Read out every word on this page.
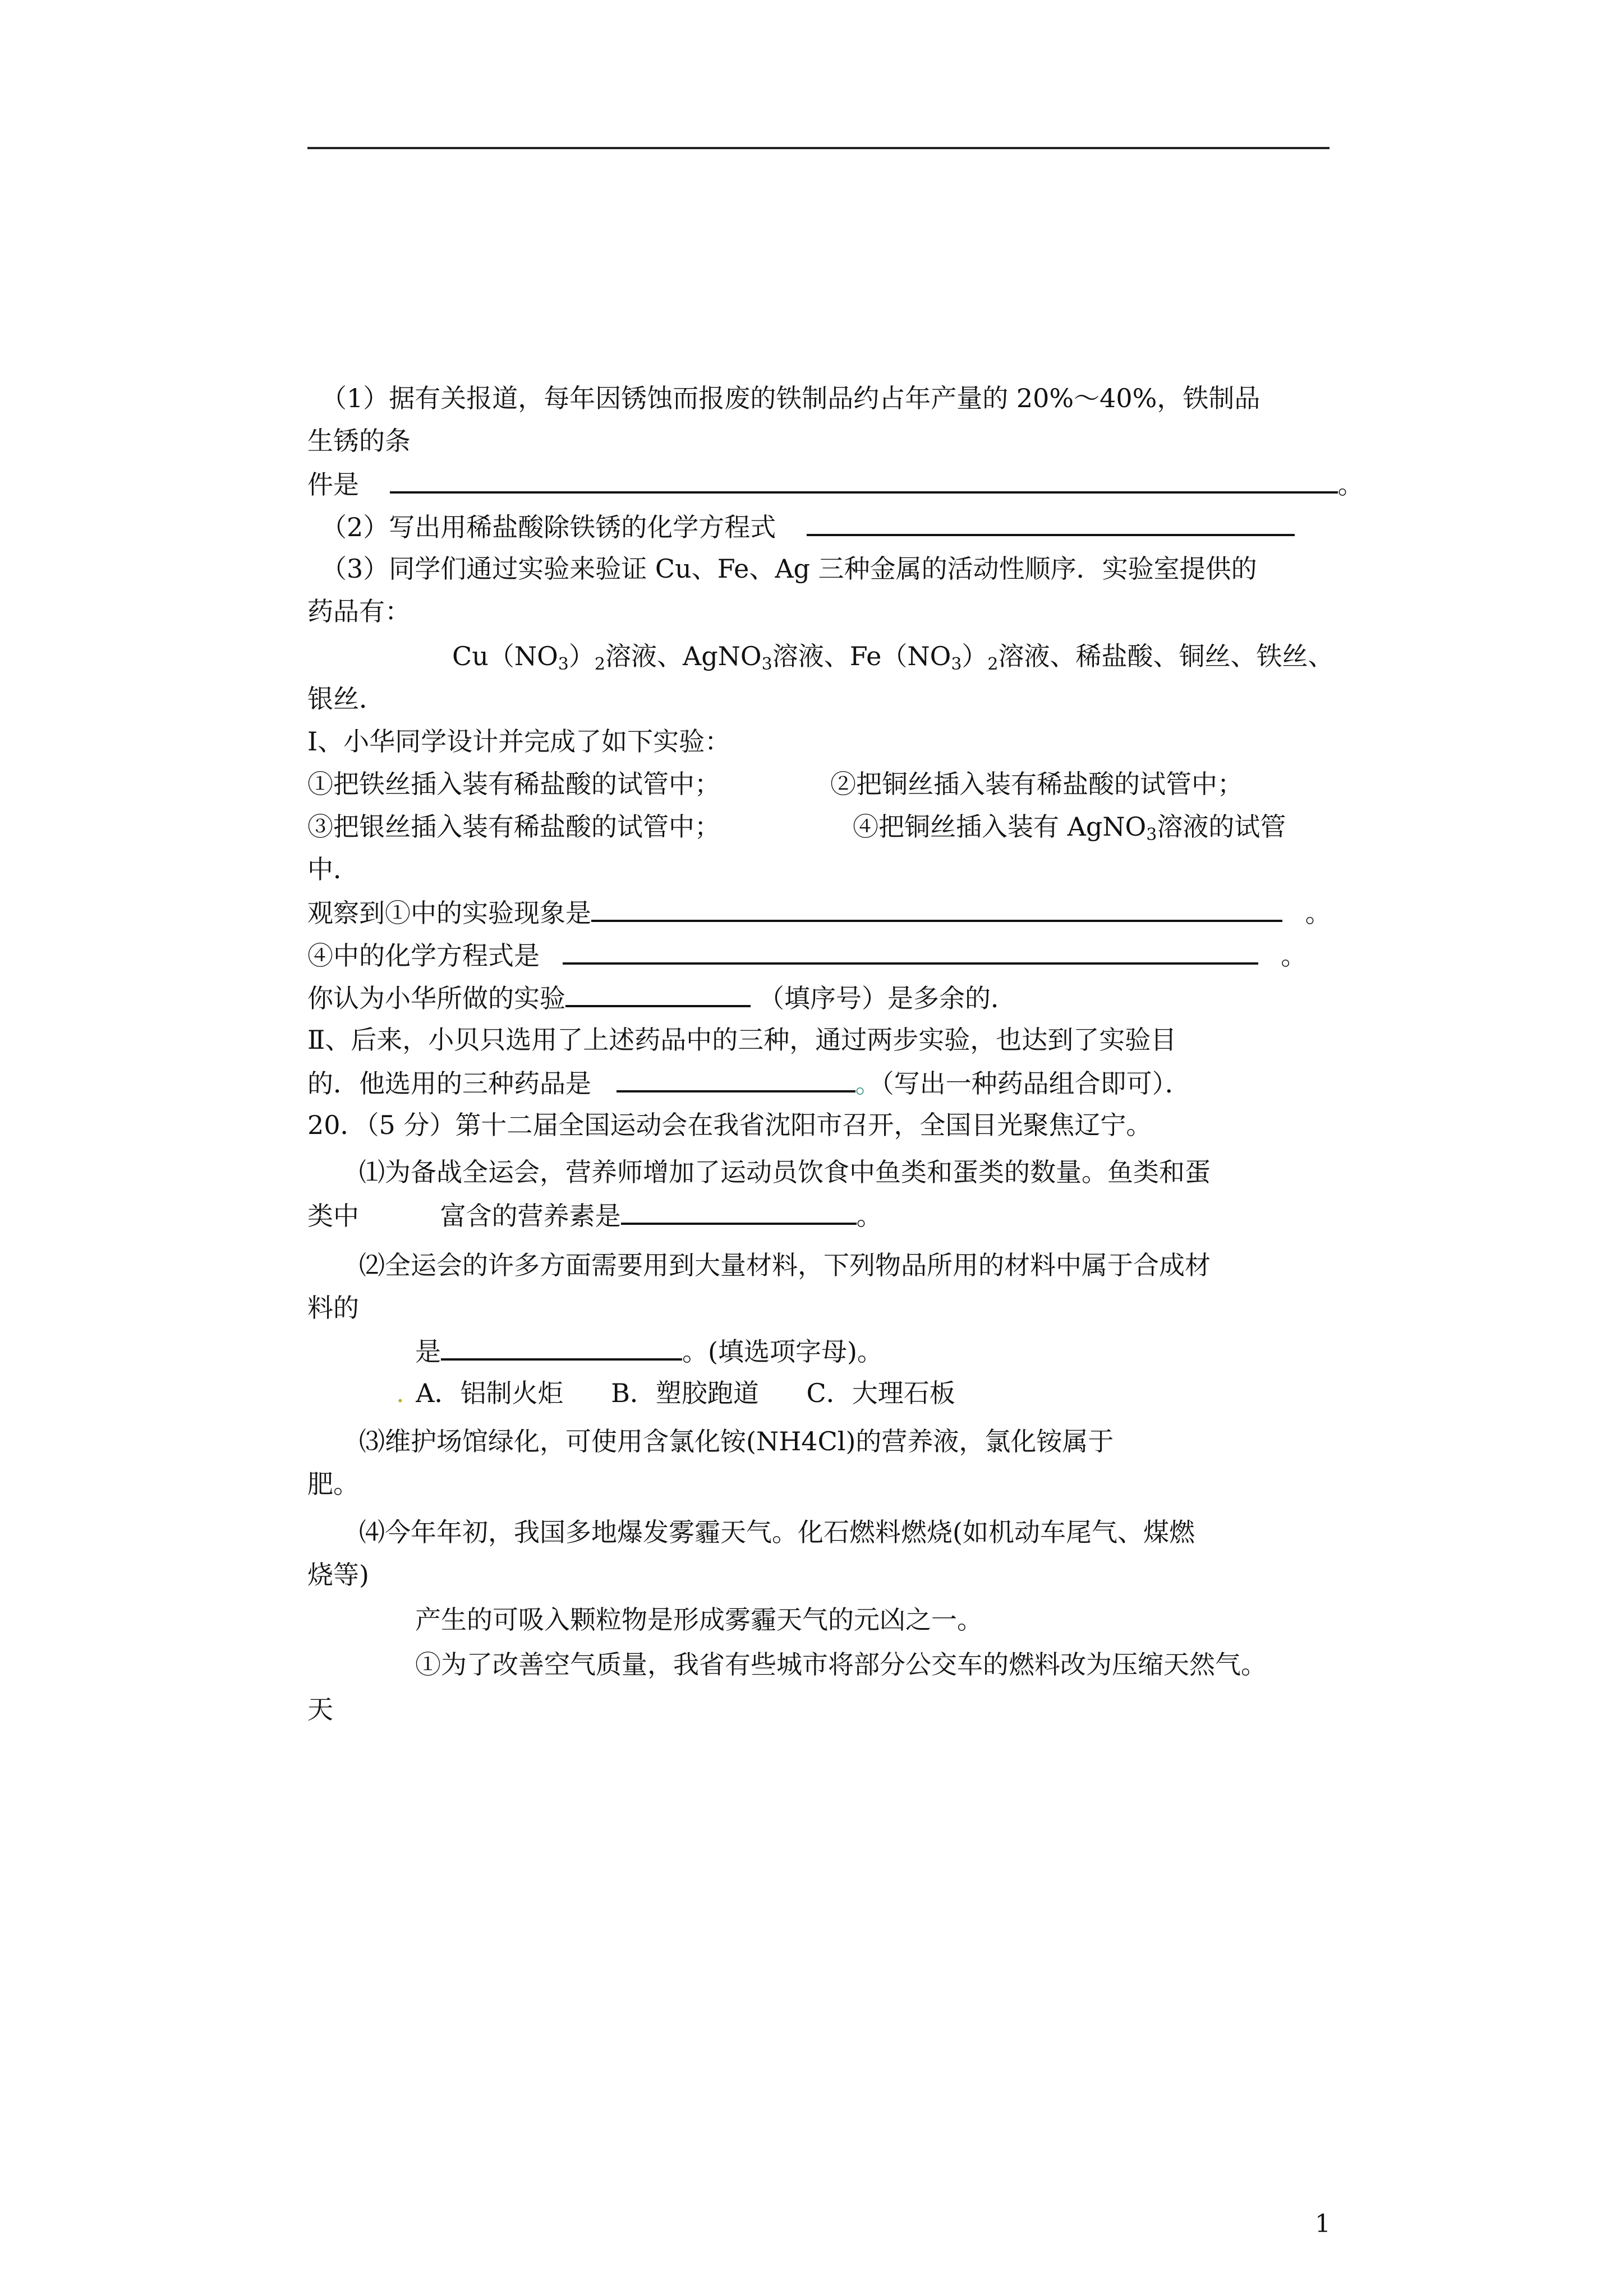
（1）据有关报道，每年因锈蚀而报废的铁制品约占年产量的 20%～40%，铁制品
生锈的条
件是	。
（2）写出用稀盐酸除铁锈的化学方程式
（3）同学们通过实验来验证 Cu、Fe、Ag 三种金属的活动性顺序．实验室提供的
药品有：
$Cu(NO_3)_2$溶液、AgNO$_3$溶液、$Fe(NO_3)_2$溶液、稀盐酸、铜丝、铁丝、
银丝．
Ⅰ、小华同学设计并完成了如下实验：
①把铁丝插入装有稀盐酸的试管中；	②把铜丝插入装有稀盐酸的试管中；
③把银丝插入装有稀盐酸的试管中；	④把铜丝插入装有 AgNO$_3$溶液的试管
中．
观察到①中的实验现象是	。
④中的化学方程式是	。
你认为小华所做的实验	（填序号）是多余的．
Ⅱ、后来，小贝只选用了上述药品中的三种，通过两步实验，也达到了实验目
的．他选用的三种药品是	。（写出一种药品组合即可）．
20．（5 分）第十二届全国运动会在我省沈阳市召开，全国目光聚焦辽宁。
⑴为备战全运会，营养师增加了运动员饮食中鱼类和蛋类的数量。鱼类和蛋
类中	富含的营养素是	。
⑵全运会的许多方面需要用到大量材料，下列物品所用的材料中属于合成材
料的
是	。(填选项字母)。
. A．铝制火炬 B．塑胶跑道 C．大理石板
⑶维护场馆绿化，可使用含氯化铵(NH4Cl)的营养液，氯化铵属于
肥。
⑷今年年初，我国多地爆发雾霾天气。化石燃料燃烧(如机动车尾气、煤燃
烧等)
产生的可吸入颗粒物是形成雾霾天气的元凶之一。
①为了改善空气质量，我省有些城市将部分公交车的燃料改为压缩天然气。
天
1
